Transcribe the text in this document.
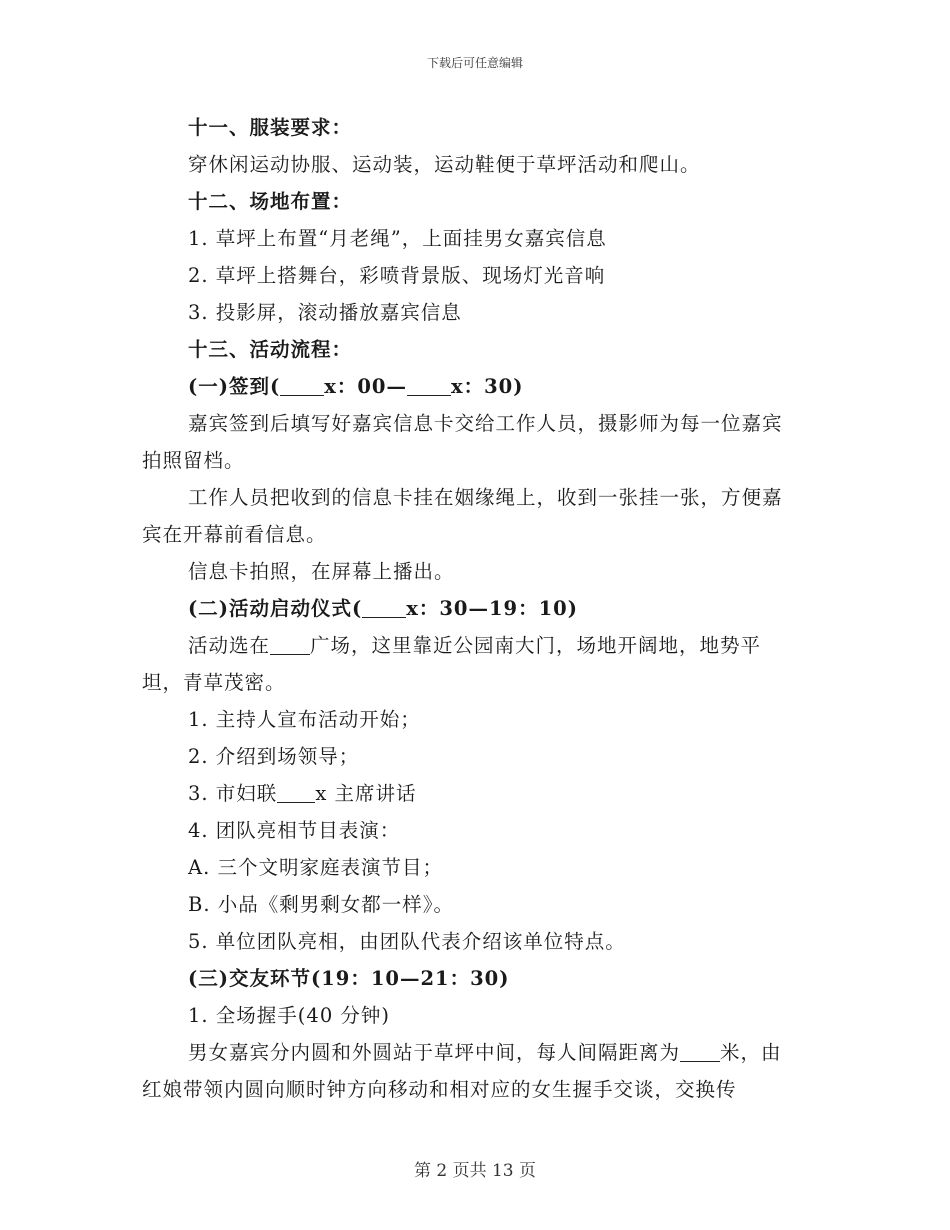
下载后可任意编辑

十一、服装要求：

穿休闲运动协服、运动装，运动鞋便于草坪活动和爬山。

十二、场地布置：

1. 草坪上布置“月老绳”，上面挂男女嘉宾信息

2. 草坪上搭舞台，彩喷背景版、现场灯光音响

3. 投影屏，滚动播放嘉宾信息

十三、活动流程：

(一)签到( x：00— x：30)

嘉宾签到后填写好嘉宾信息卡交给工作人员，摄影师为每一位嘉宾拍照留档。

工作人员把收到的信息卡挂在姻缘绳上，收到一张挂一张，方便嘉宾在开幕前看信息。

信息卡拍照，在屏幕上播出。

(二)活动启动仪式( x：30—19：10)

活动选在 广场，这里靠近公园南大门，场地开阔地，地势平坦，青草茂密。

1. 主持人宣布活动开始；

2. 介绍到场领导；

3. 市妇联 x 主席讲话

4. 团队亮相节目表演：

A. 三个文明家庭表演节目；

B. 小品《剩男剩女都一样》。

5. 单位团队亮相，由团队代表介绍该单位特点。

(三)交友环节(19：10—21：30)

1. 全场握手(40 分钟)

男女嘉宾分内圆和外圆站于草坪中间，每人间隔距离为 米，由红娘带领内圆向顺时钟方向移动和相对应的女生握手交谈，交换传

第 2 页共 13 页
